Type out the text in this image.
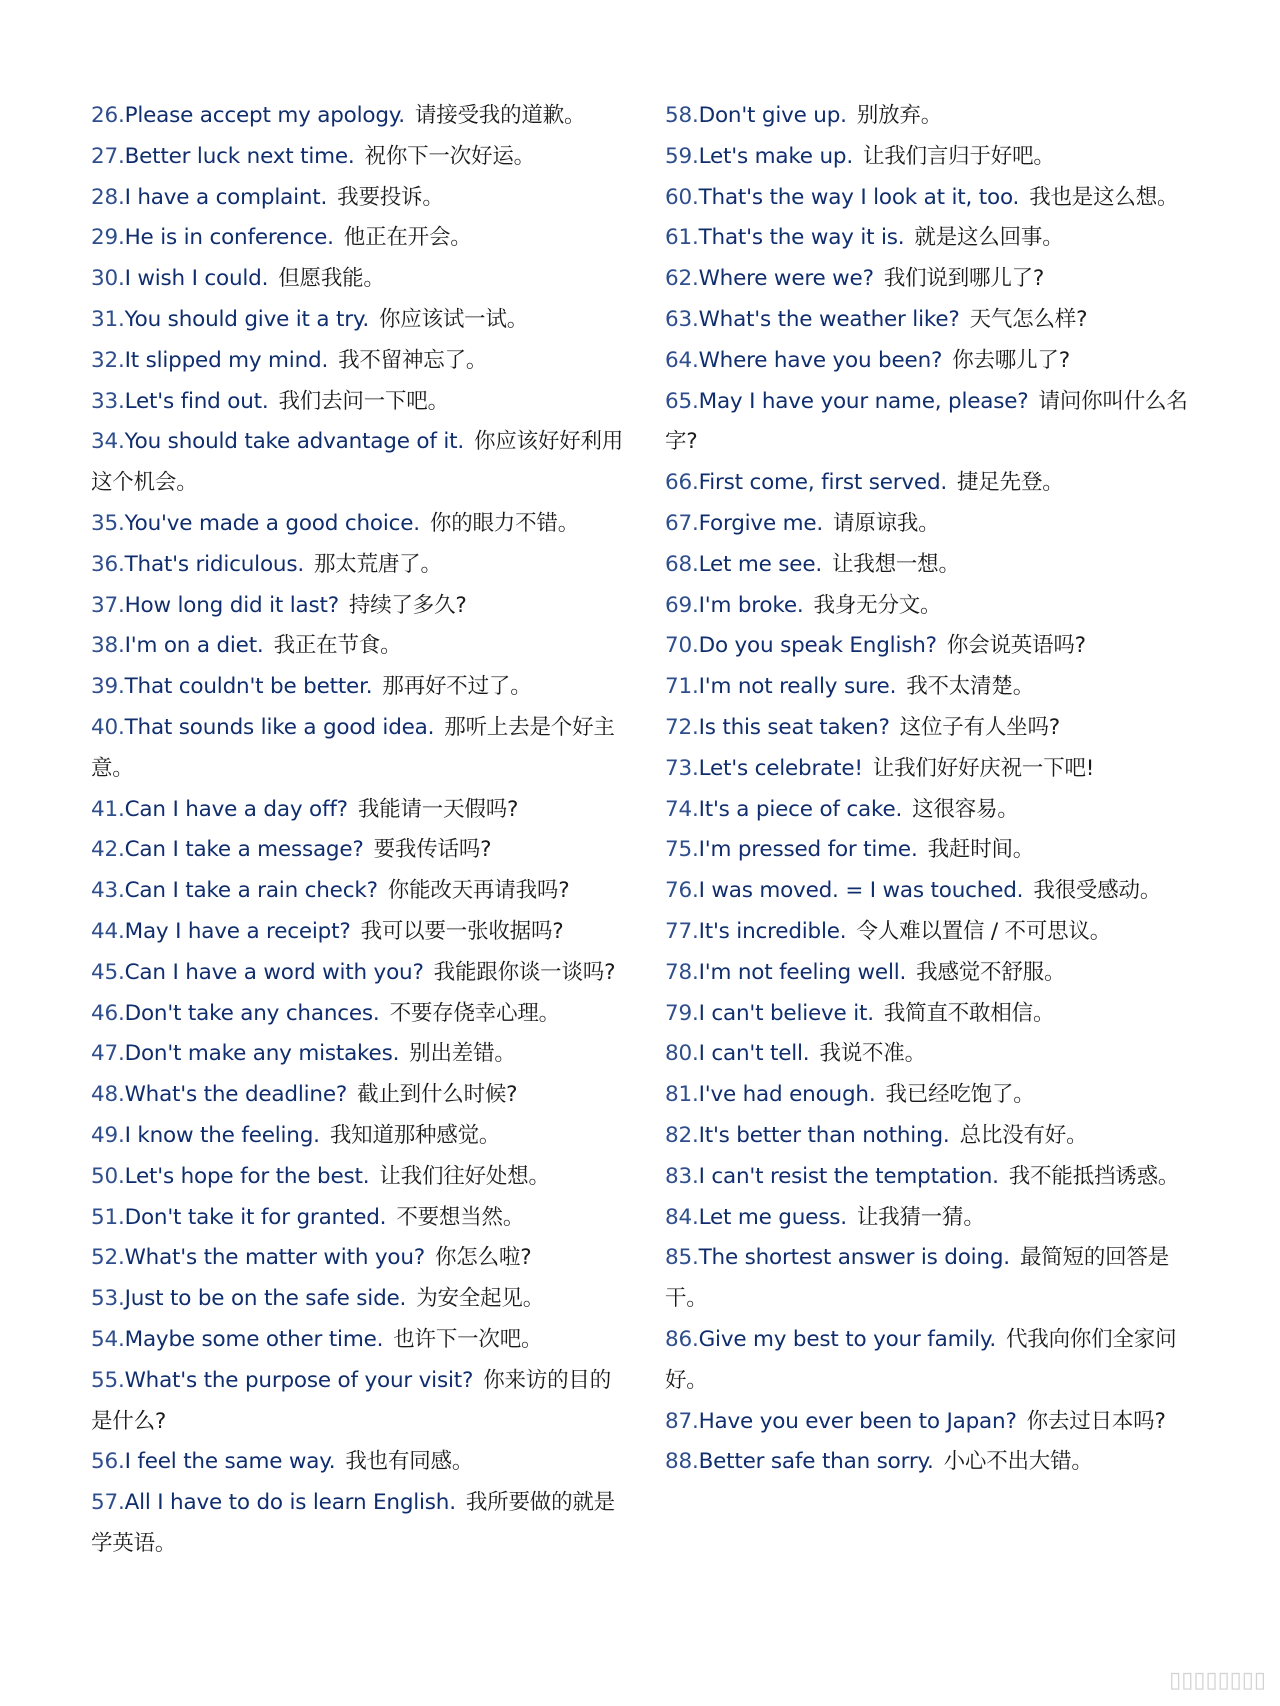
26.Please accept my apology. 请接受我的道歉。
27.Better luck next time. 祝你下一次好运。
28.I have a complaint. 我要投诉。
29.He is in conference. 他正在开会。
30.I wish I could. 但愿我能。
31.You should give it a try. 你应该试一试。
32.It slipped my mind. 我不留神忘了。
33.Let's find out. 我们去问一下吧。
34.You should take advantage of it. 你应该好好利用这个机会。
35.You've made a good choice. 你的眼力不错。
36.That's ridiculous. 那太荒唐了。
37.How long did it last? 持续了多久?
38.I'm on a diet. 我正在节食。
39.That couldn't be better. 那再好不过了。
40.That sounds like a good idea. 那听上去是个好主意。
41.Can I have a day off? 我能请一天假吗?
42.Can I take a message? 要我传话吗?
43.Can I take a rain check? 你能改天再请我吗?
44.May I have a receipt? 我可以要一张收据吗?
45.Can I have a word with you? 我能跟你谈一谈吗?
46.Don't take any chances. 不要存侥幸心理。
47.Don't make any mistakes. 别出差错。
48.What's the deadline? 截止到什么时候?
49.I know the feeling. 我知道那种感觉。
50.Let's hope for the best. 让我们往好处想。
51.Don't take it for granted. 不要想当然。
52.What's the matter with you? 你怎么啦?
53.Just to be on the safe side. 为安全起见。
54.Maybe some other time. 也许下一次吧。
55.What's the purpose of your visit? 你来访的目的是什么?
56.I feel the same way. 我也有同感。
57.All I have to do is learn English. 我所要做的就是学英语。
58.Don't give up. 别放弃。
59.Let's make up. 让我们言归于好吧。
60.That's the way I look at it, too. 我也是这么想。
61.That's the way it is. 就是这么回事。
62.Where were we? 我们说到哪儿了?
63.What's the weather like? 天气怎么样?
64.Where have you been? 你去哪儿了?
65.May I have your name, please? 请问你叫什么名字?
66.First come, first served. 捷足先登。
67.Forgive me. 请原谅我。
68.Let me see. 让我想一想。
69.I'm broke. 我身无分文。
70.Do you speak English? 你会说英语吗?
71.I'm not really sure. 我不太清楚。
72.Is this seat taken? 这位子有人坐吗?
73.Let's celebrate! 让我们好好庆祝一下吧!
74.It's a piece of cake. 这很容易。
75.I'm pressed for time. 我赶时间。
76.I was moved. = I was touched. 我很受感动。
77.It's incredible. 令人难以置信 / 不可思议。
78.I'm not feeling well. 我感觉不舒服。
79.I can't believe it. 我简直不敢相信。
80.I can't tell. 我说不准。
81.I've had enough. 我已经吃饱了。
82.It's better than nothing. 总比没有好。
83.I can't resist the temptation. 我不能抵挡诱惑。
84.Let me guess. 让我猜一猜。
85.The shortest answer is doing. 最简短的回答是干。
86.Give my best to your family. 代我向你们全家问好。
87.Have you ever been to Japan? 你去过日本吗?
88.Better safe than sorry. 小心不出大错。
▯▯▯▯▯▯▯▯
